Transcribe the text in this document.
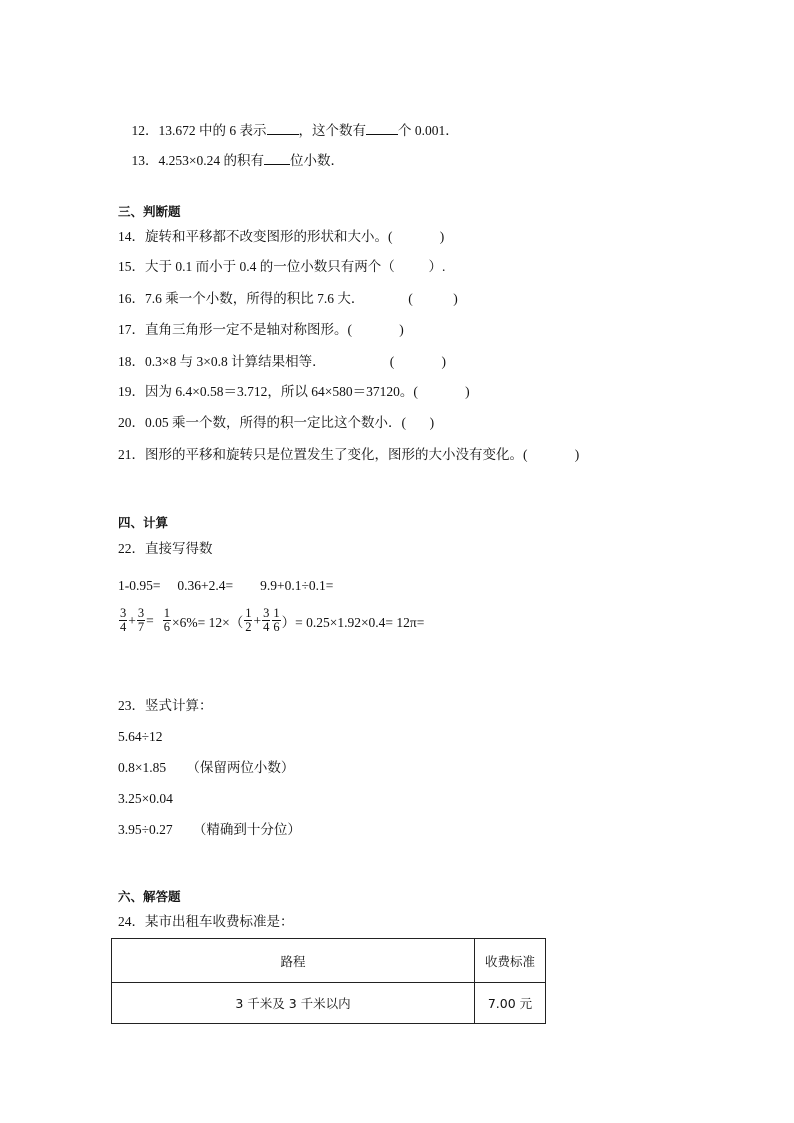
12．13.672 中的 6 表示 ，这个数有 个 0.001．

13．4.253×0.24 的积有 位小数．

三、判断题
14．旋转和平移都不改变图形的形状和大小。(              )
15．大于 0.1 而小于 0.4 的一位小数只有两个（          ）.
16．7.6 乘一个小数，所得的积比 7.6 大．             (            )
17．直角三角形一定不是轴对称图形。(              )
18．0.3×8 与 3×0.8 计算结果相等．                   (              )
19．因为 6.4×0.58＝3.712，所以 64×580＝37120。(              )
20．0.05 乘一个数，所得的积一定比这个数小．(       )
21．图形的平移和旋转只是位置发生了变化，图形的大小没有变化。(              )
四、计算
22．直接写得数
1-0.95=     0.36+2.4=        9.9+0.1÷0.1=
$\frac{3}{4} + \frac{3}{7} = \frac{1}{6} \times 6\%= 12\times( \frac{1}{2} + \frac{3}{4} \frac{1}{6}$ ）= 0.25×1.92×0.4= 12π=
23．竖式计算：
5.64÷12
0.8×1.85      （保留两位小数）
3.25×0.04
3.95÷0.27      （精确到十分位）
六、解答题
24．某市出租车收费标准是：
路程	收费标准
3 千米及 3 千米以内	7.00 元
